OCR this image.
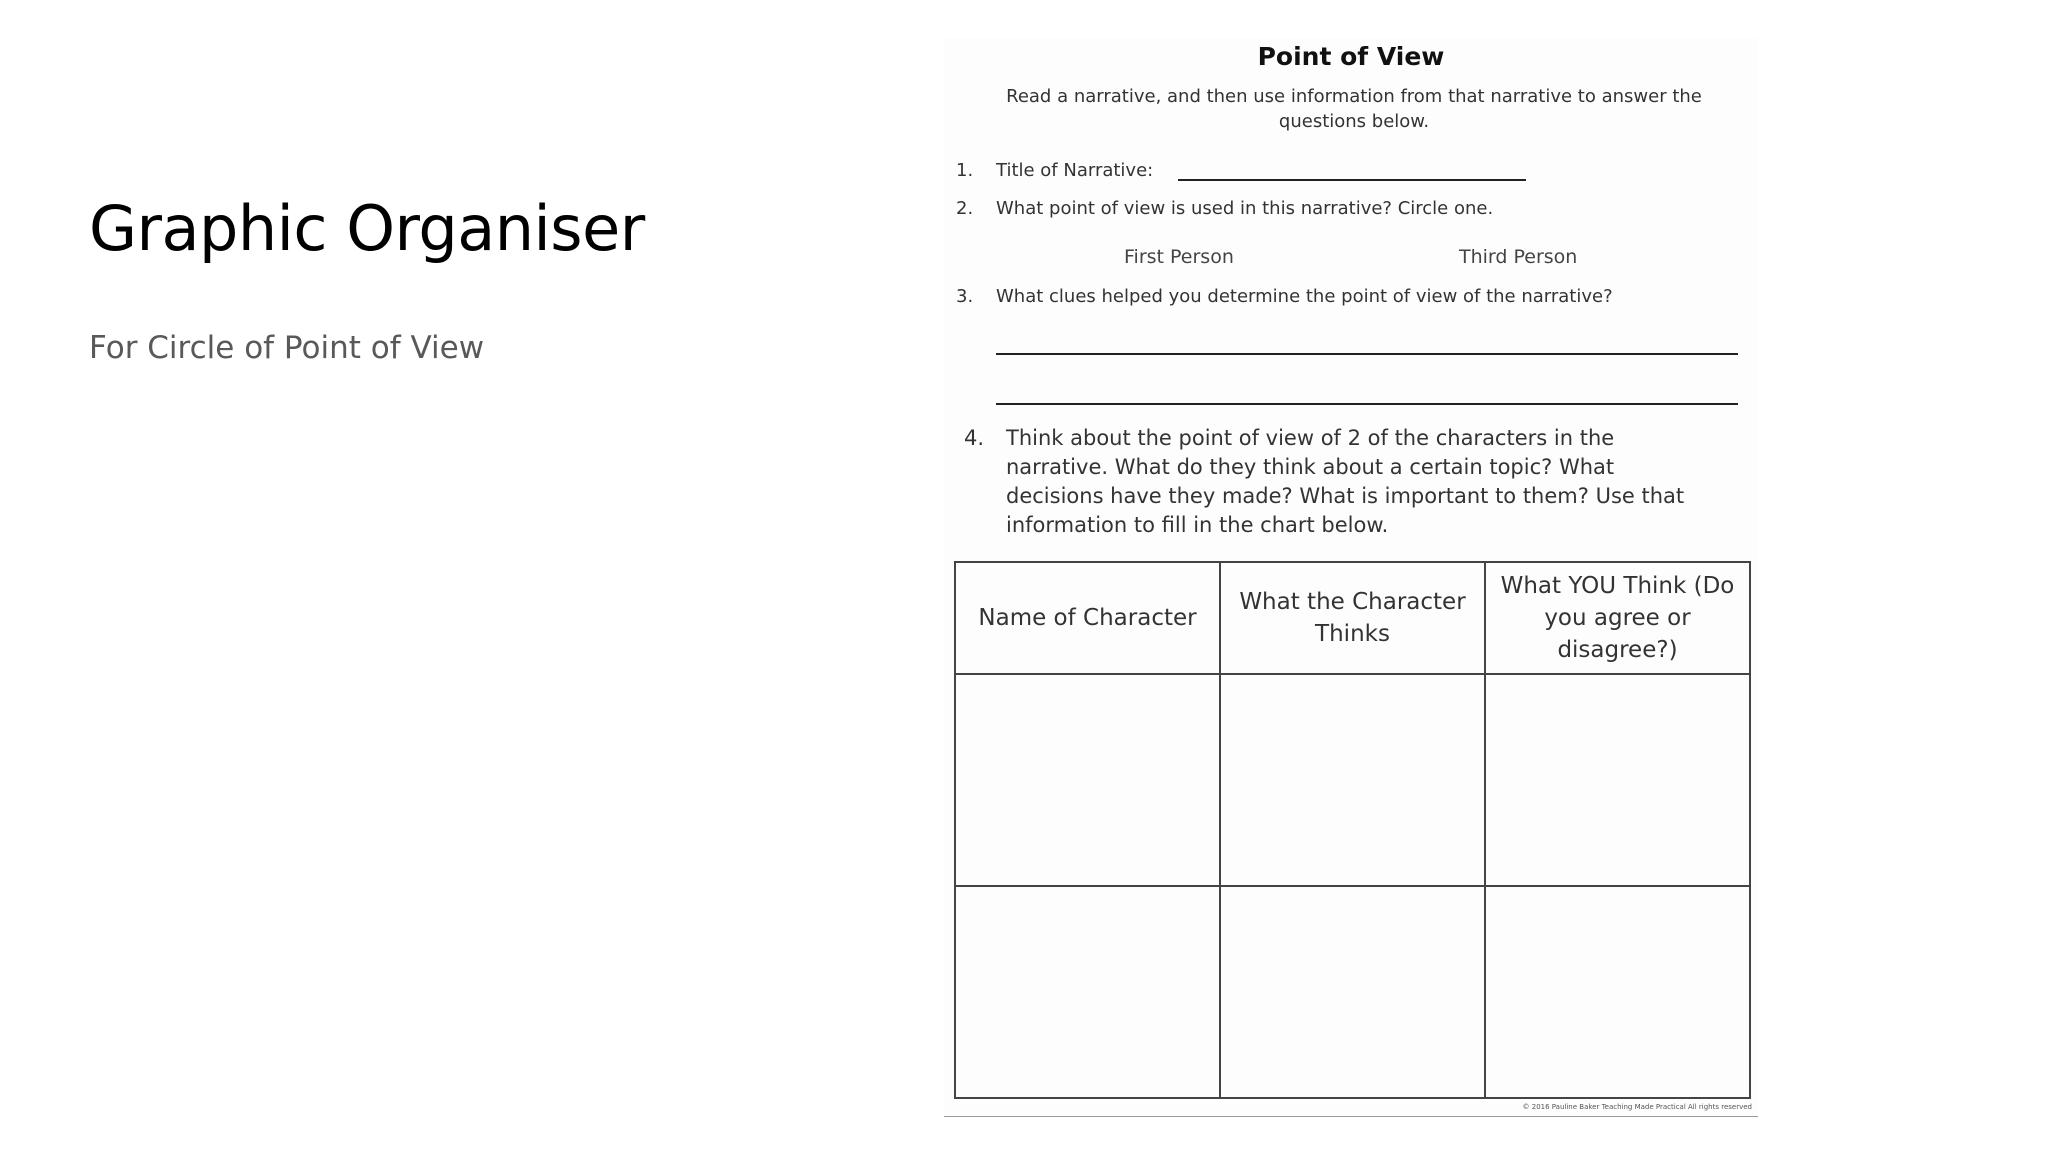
Graphic Organiser

For Circle of Point of View

Point of View
Read a narrative, and then use information from that narrative to answer the questions below.
1. Title of Narrative:
2. What point of view is used in this narrative? Circle one.
First Person	Third Person
3. What clues helped you determine the point of view of the narrative?
4. Think about the point of view of 2 of the characters in the narrative. What do they think about a certain topic? What decisions have they made? What is important to them? Use that information to fill in the chart below.
Name of Character	What the Character Thinks	What YOU Think (Do you agree or disagree?)

© 2016 Pauline Baker Teaching Made Practical All rights reserved
